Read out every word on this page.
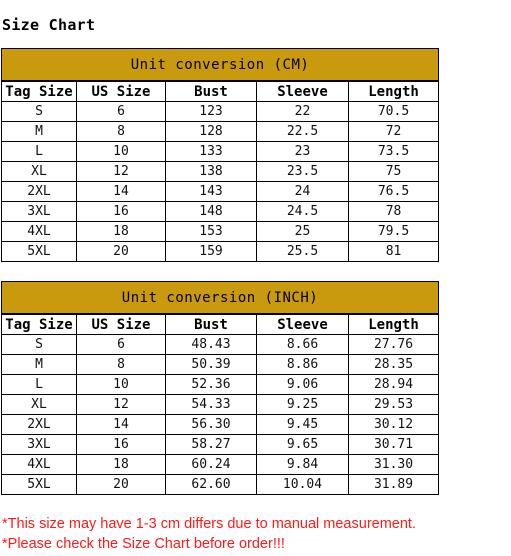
Size Chart
Unit conversion (CM)				
Tag Size	US Size	Bust	Sleeve	Length
S	6	123	22	70.5
M	8	128	22.5	72
L	10	133	23	73.5
XL	12	138	23.5	75
2XL	14	143	24	76.5
3XL	16	148	24.5	78
4XL	18	153	25	79.5
5XL	20	159	25.5	81
Unit conversion (INCH)				
Tag Size	US Size	Bust	Sleeve	Length
S	6	48.43	8.66	27.76
M	8	50.39	8.86	28.35
L	10	52.36	9.06	28.94
XL	12	54.33	9.25	29.53
2XL	14	56.30	9.45	30.12
3XL	16	58.27	9.65	30.71
4XL	18	60.24	9.84	31.30
5XL	20	62.60	10.04	31.89
*This size may have 1-3 cm differs due to manual measurement.
*Please check the Size Chart before order!!!
